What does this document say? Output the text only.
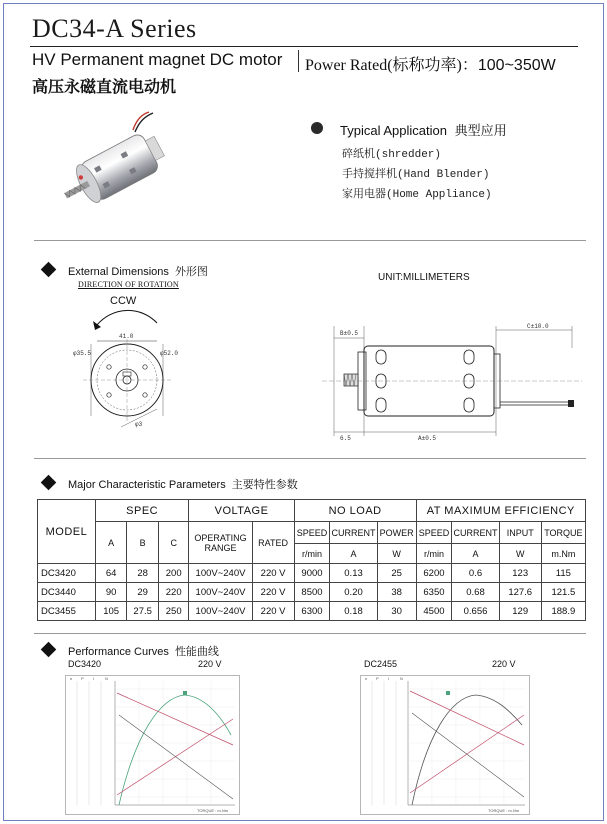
DC34-A Series
HV Permanent magnet DC motor Power Rated(标称功率)：100~350W
高压永磁直流电动机
Typical Application 典型应用
碎纸机(shredder)
手持搅拌机(Hand Blender)
家用电器(Home Appliance)
External Dimensions 外形图
DIRECTION OF ROTATION
CCW
UNIT:MILLIMETERS
41.0
φ35.5	φ52.0
φ3
B±0.5
C±10.0
6.5	A±0.5
Major Characteristic Parameters 主要特性参数
MODEL	SPEC			VOLTAGE		NO LOAD			AT MAXIMUM EFFICIENCY			
	A	B	C	OPERATING RANGE	RATED	SPEED	CURRENT	POWER	SPEED	CURRENT	INPUT	TORQUE
						r/min	A	W	r/min	A	W	m.Nm
DC3420	64	28	200	100V~240V	220 V	9000	0.13	25	6200	0.6	123	115
DC3440	90	29	220	100V~240V	220 V	8500	0.20	38	6350	0.68	127.6	121.5
DC3455	105	27.5	250	100V~240V	220 V	6300	0.18	30	4500	0.656	129	188.9
Performance Curves 性能曲线
DC3420	220 V	DC2455	220 V
n P I	N
TORQUE : m.Nm
n P I	N
TORQUE : m.Nm
